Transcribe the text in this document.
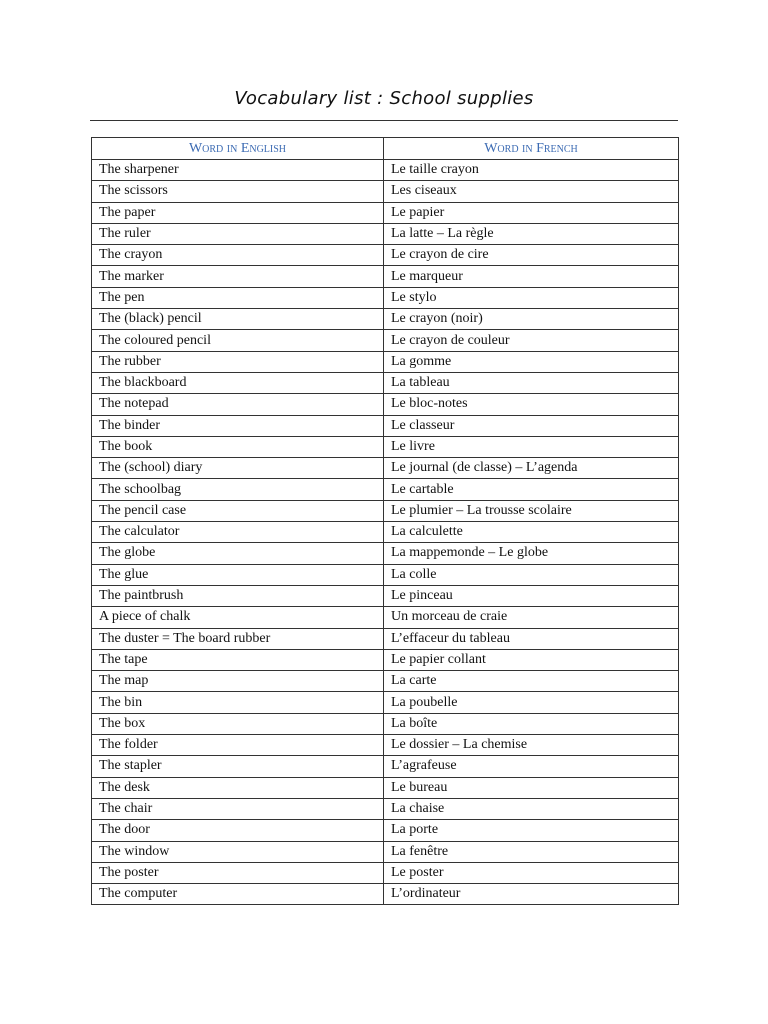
Vocabulary list : School supplies
Word in English	Word in French
The sharpener	Le taille crayon
The scissors	Les ciseaux
The paper	Le papier
The ruler	La latte – La règle
The crayon	Le crayon de cire
The marker	Le marqueur
The pen	Le stylo
The (black) pencil	Le crayon (noir)
The coloured pencil	Le crayon de couleur
The rubber	La gomme
The blackboard	La tableau
The notepad	Le bloc-notes
The binder	Le classeur
The book	Le livre
The (school) diary	Le journal (de classe) – L’agenda
The schoolbag	Le cartable
The pencil case	Le plumier – La trousse scolaire
The calculator	La calculette
The globe	La mappemonde – Le globe
The glue	La colle
The paintbrush	Le pinceau
A piece of chalk	Un morceau de craie
The duster = The board rubber	L’effaceur du tableau
The tape	Le papier collant
The map	La carte
The bin	La poubelle
The box	La boîte
The folder	Le dossier – La chemise
The stapler	L’agrafeuse
The desk	Le bureau
The chair	La chaise
The door	La porte
The window	La fenêtre
The poster	Le poster
The computer	L’ordinateur
